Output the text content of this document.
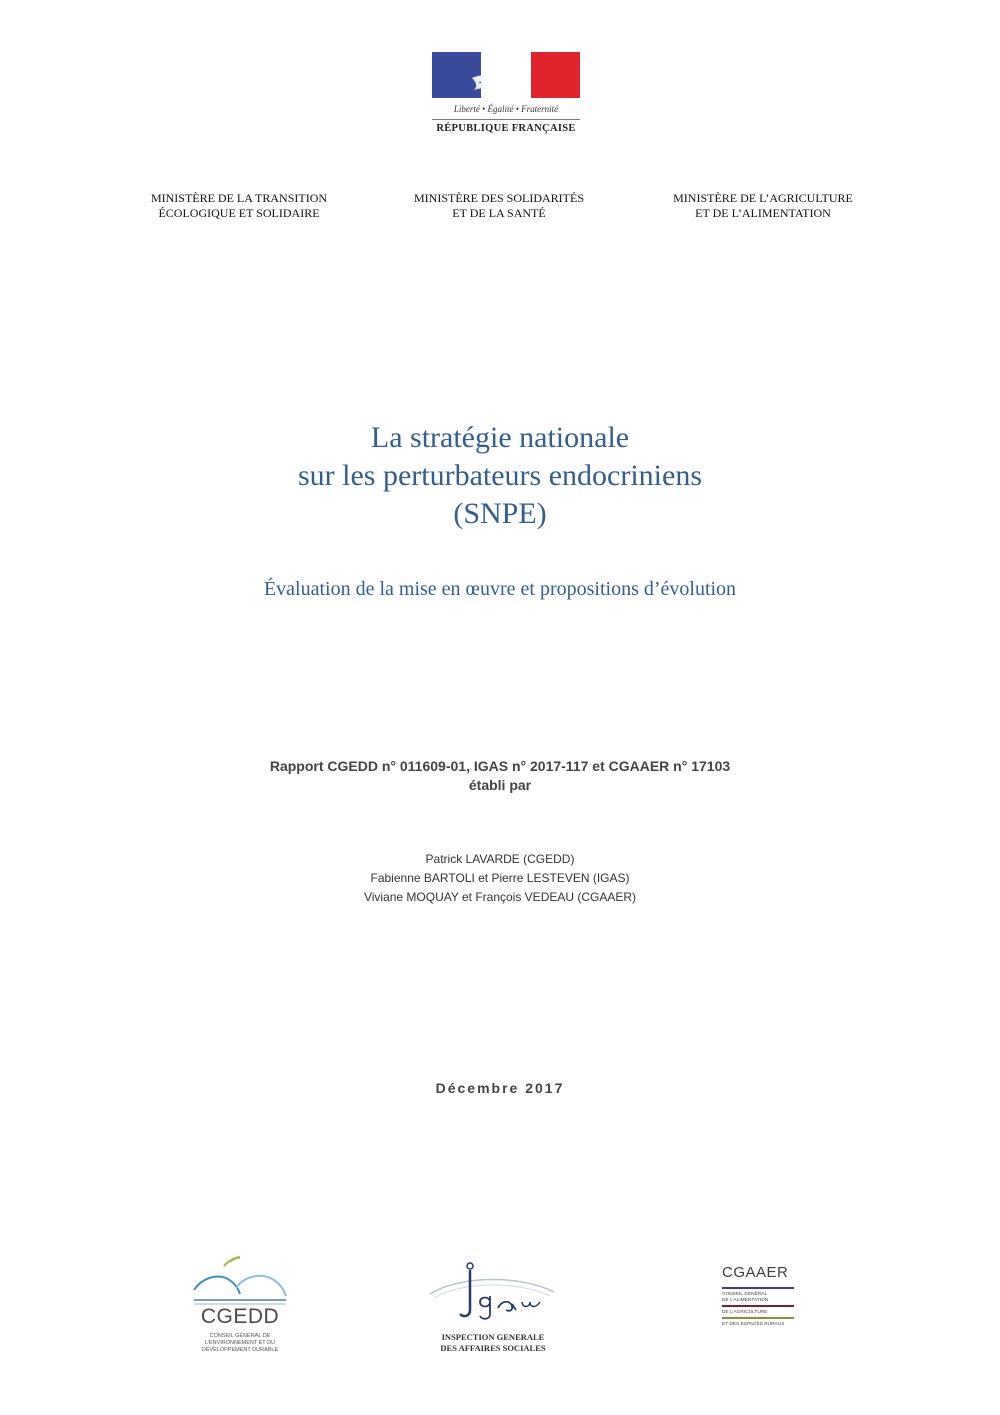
Liberté • Égalité • Fraternité
RÉPUBLIQUE FRANÇAISE
MINISTÈRE DE LA TRANSITION
ÉCOLOGIQUE ET SOLIDAIRE
MINISTÈRE DES SOLIDARITÉS
ET DE LA SANTÉ
MINISTÈRE DE L’AGRICULTURE
ET DE L’ALIMENTATION
La stratégie nationale
sur les perturbateurs endocriniens
(SNPE)
Évaluation de la mise en œuvre et propositions d’évolution
Rapport CGEDD n° 011609-01, IGAS n° 2017-117 et CGAAER n° 17103
établi par
Patrick LAVARDE (CGEDD)
Fabienne BARTOLI et Pierre LESTEVEN (IGAS)
Viviane MOQUAY et François VEDEAU (CGAAER)
Décembre 2017
CGEDD
CONSEIL GÉNÉRAL DE
L’ENVIRONNEMENT ET DU
DÉVELOPPEMENT DURABLE
INSPECTION GENERALE
DES AFFAIRES SOCIALES
CGAAER
CONSEIL GÉNÉRAL
DE L’ALIMENTATION
DE L’AGRICULTURE
ET DES ESPACES RURAUX
